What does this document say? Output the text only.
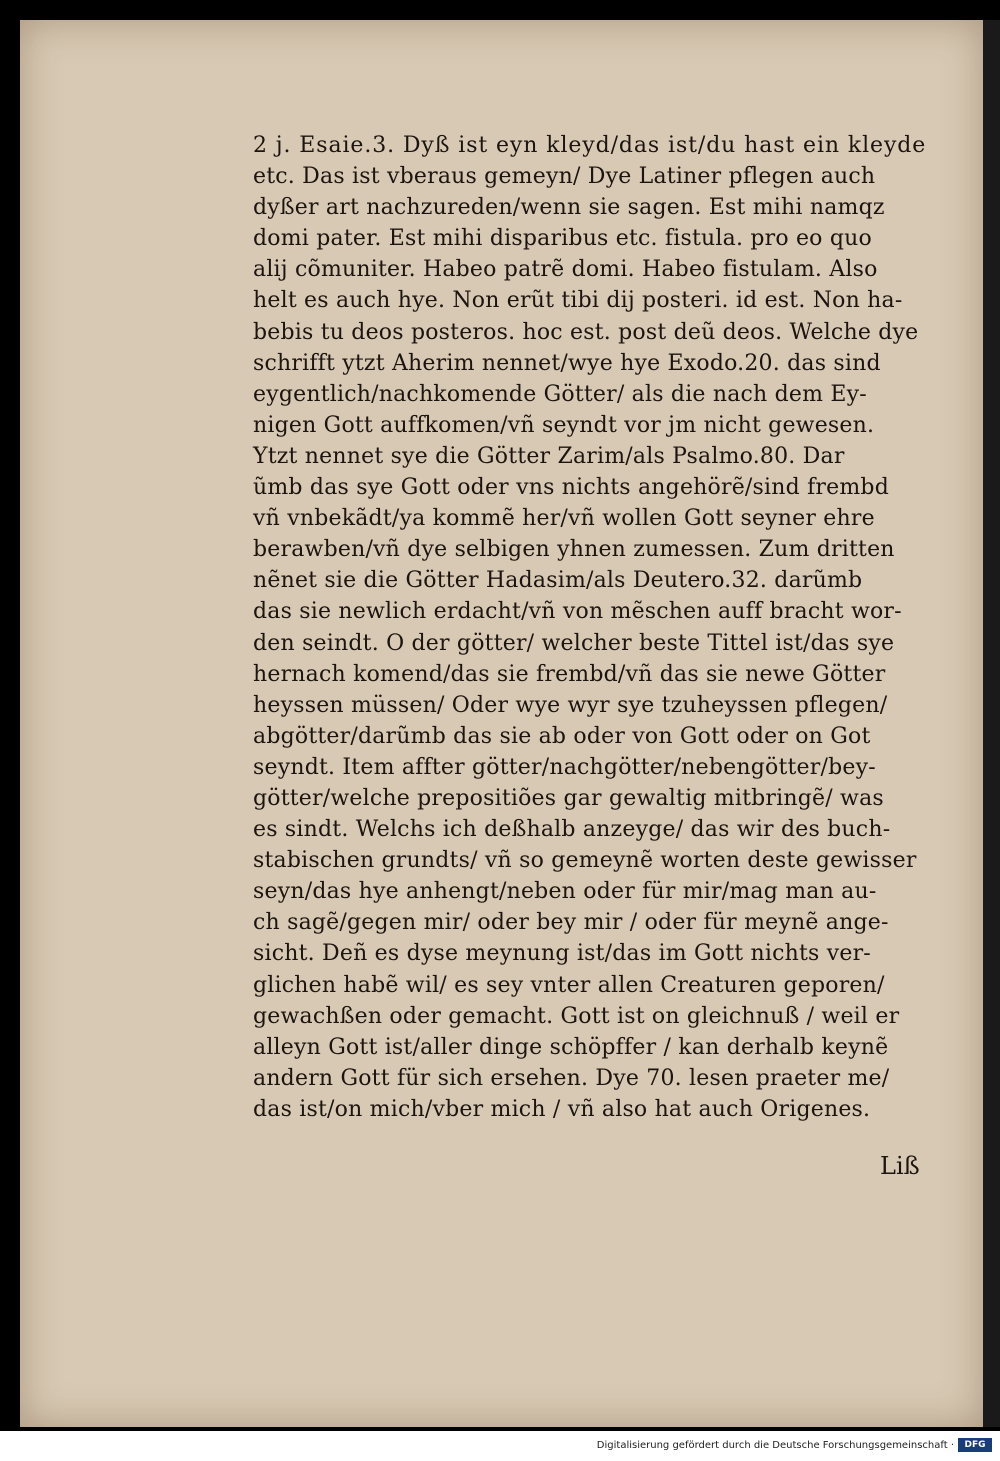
2 j. Esaie.3. Dyß ist eyn kleyd/das ist/du hast ein kleyde
etc. Das ist vberaus gemeyn/ Dye Latiner pflegen auch
dyßer art nachzureden/wenn sie sagen. Est mihi namqz
domi pater. Est mihi disparibus etc. fistula. pro eo quo
alij cõmuniter. Habeo patrẽ domi. Habeo fistulam. Also
helt es auch hye. Non erũt tibi dij posteri. id est. Non ha-
bebis tu deos posteros. hoc est. post deũ deos. Welche dye
schrifft ytzt Aherim nennet/wye hye Exodo.20. das sind
eygentlich/nachkomende Götter/ als die nach dem Ey-
nigen Gott auffkomen/vñ seyndt vor jm nicht gewesen.
Ytzt nennet sye die Götter Zarim/als Psalmo.80. Dar
ũmb das sye Gott oder vns nichts angehörẽ/sind frembd
vñ vnbekãdt/ya kommẽ her/vñ wollen Gott seyner ehre
berawben/vñ dye selbigen yhnen zumessen. Zum dritten
nẽnet sie die Götter Hadasim/als Deutero.32. darũmb
das sie newlich erdacht/vñ von mẽschen auff bracht wor-
den seindt. O der götter/ welcher beste Tittel ist/das sye
hernach komend/das sie frembd/vñ das sie newe Götter
heyssen müssen/ Oder wye wyr sye tzuheyssen pflegen/
abgötter/darũmb das sie ab oder von Gott oder on Got
seyndt. Item affter götter/nachgötter/nebengötter/bey-
götter/welche prepositiões gar gewaltig mitbringẽ/ was
es sindt. Welchs ich deßhalb anzeyge/ das wir des buch-
stabischen grundts/ vñ so gemeynẽ worten deste gewisser
seyn/das hye anhengt/neben oder für mir/mag man au-
ch sagẽ/gegen mir/ oder bey mir / oder für meynẽ ange-
sicht. Deñ es dyse meynung ist/das im Gott nichts ver-
glichen habẽ wil/ es sey vnter allen Creaturen geporen/
gewachßen oder gemacht. Gott ist on gleichnuß / weil er
alleyn Gott ist/aller dinge schöpffer / kan derhalb keynẽ
andern Gott für sich ersehen. Dye 70. lesen praeter me/
das ist/on mich/vber mich / vñ also hat auch Origenes.
Liß
Digitalisierung gefördert durch die Deutsche Forschungsgemeinschaft ·	DFG
